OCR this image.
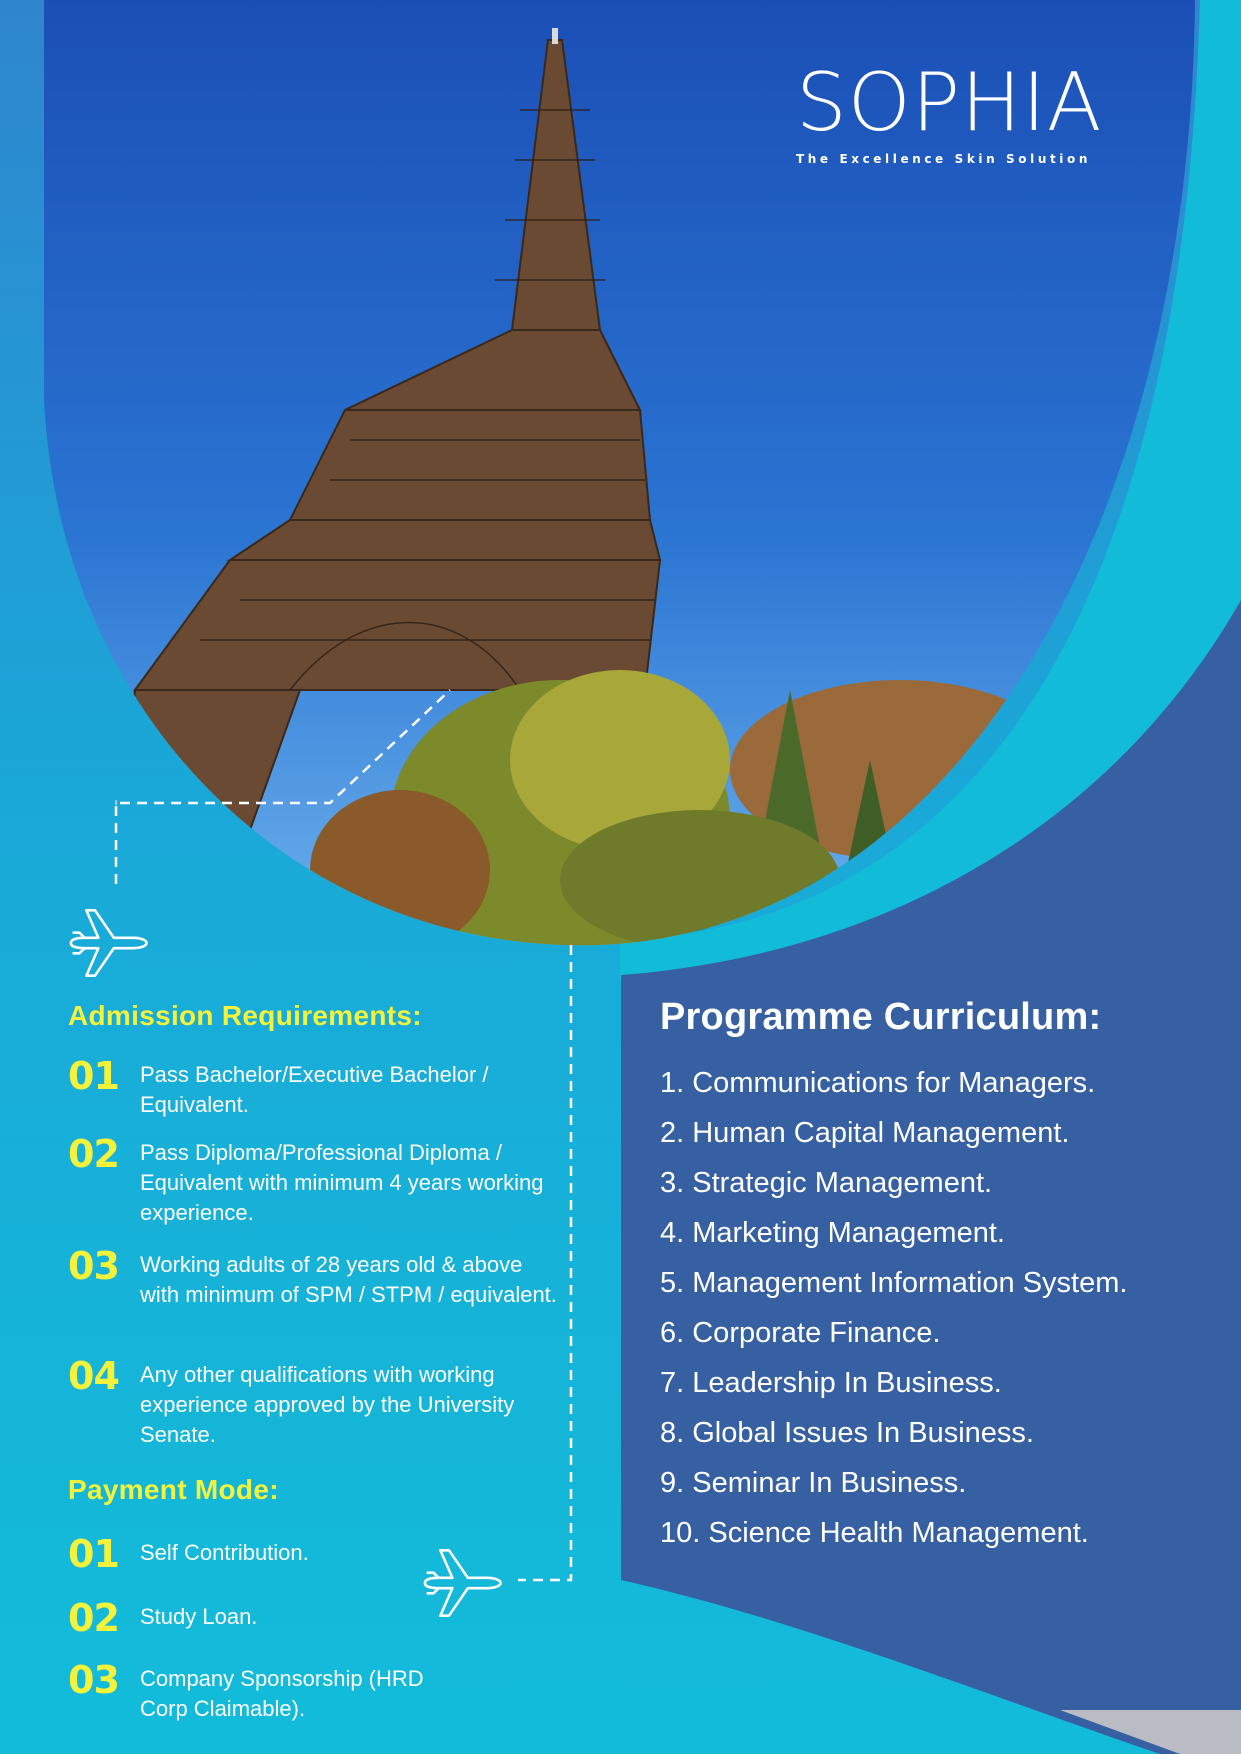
SOPHIA
The Excellence Skin Solution
Admission Requirements:
01 Pass Bachelor/Executive Bachelor / Equivalent.
02 Pass Diploma/Professional Diploma / Equivalent with minimum 4 years working experience.
03 Working adults of 28 years old & above with minimum of SPM / STPM / equivalent.
04 Any other qualifications with working experience approved by the University Senate.
Payment Mode:
01 Self Contribution.
02 Study Loan.
03 Company Sponsorship (HRD Corp Claimable).
Programme Curriculum:
1. Communications for Managers.
2. Human Capital Management.
3. Strategic Management.
4. Marketing Management.
5. Management Information System.
6. Corporate Finance.
7. Leadership In Business.
8. Global Issues In Business.
9. Seminar In Business.
10. Science Health Management.
